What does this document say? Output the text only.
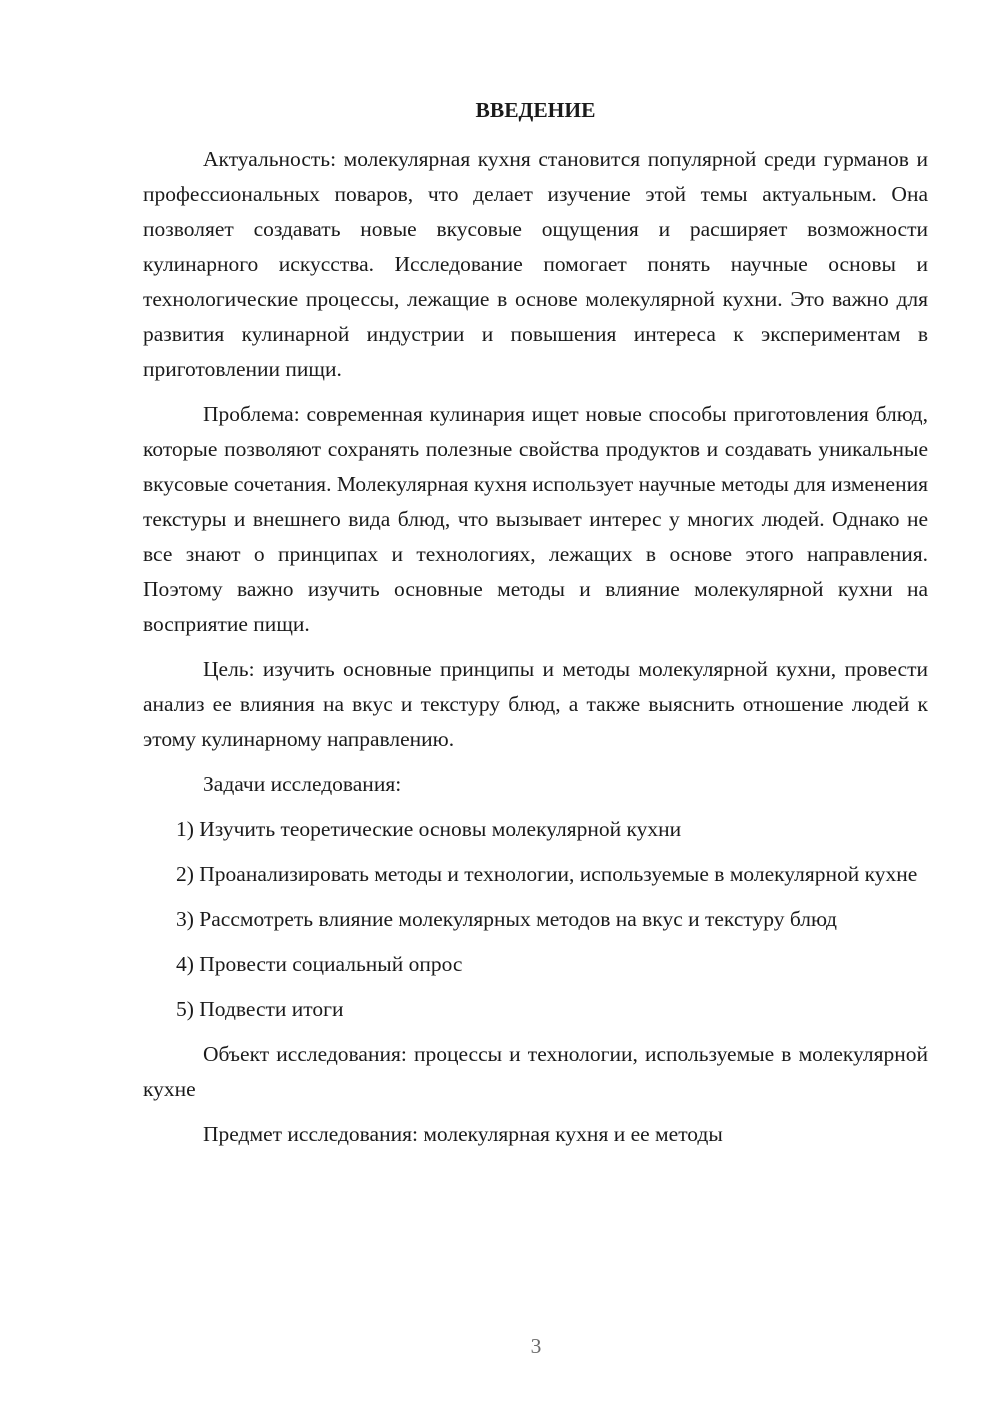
ВВЕДЕНИЕ

Актуальность: молекулярная кухня становится популярной среди гурманов и профессиональных поваров, что делает изучение этой темы актуальным. Она позволяет создавать новые вкусовые ощущения и расширяет возможности кулинарного искусства. Исследование помогает понять научные основы и технологические процессы, лежащие в основе молекулярной кухни. Это важно для развития кулинарной индустрии и повышения интереса к экспериментам в приготовлении пищи.

Проблема: современная кулинария ищет новые способы приготовления блюд, которые позволяют сохранять полезные свойства продуктов и создавать уникальные вкусовые сочетания. Молекулярная кухня использует научные методы для изменения текстуры и внешнего вида блюд, что вызывает интерес у многих людей. Однако не все знают о принципах и технологиях, лежащих в основе этого направления. Поэтому важно изучить основные методы и влияние молекулярной кухни на восприятие пищи.

Цель: изучить основные принципы и методы молекулярной кухни, провести анализ ее влияния на вкус и текстуру блюд, а также выяснить отношение людей к этому кулинарному направлению.

Задачи исследования:

1) Изучить теоретические основы молекулярной кухни

2) Проанализировать методы и технологии, используемые в молекулярной кухне

3) Рассмотреть влияние молекулярных методов на вкус и текстуру блюд

4) Провести социальный опрос

5) Подвести итоги

Объект исследования: процессы и технологии, используемые в молекулярной кухне

Предмет исследования: молекулярная кухня и ее методы

3
